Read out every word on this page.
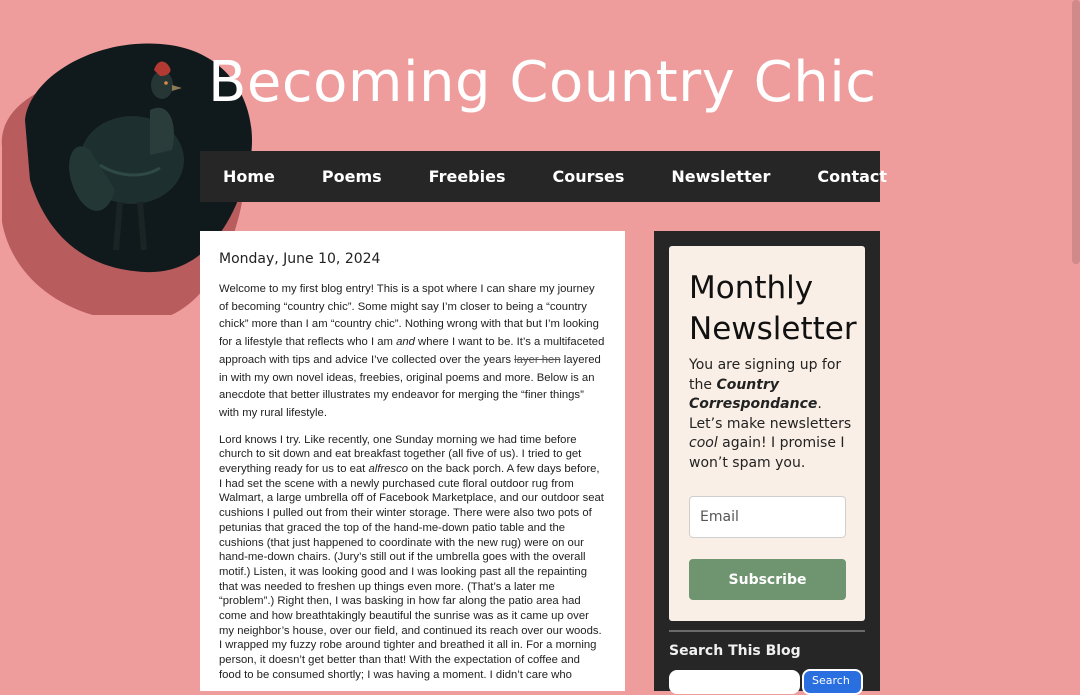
Becoming Country Chic
Home	Poems	Freebies	Courses	Newsletter	Contact
Monday, June 10, 2024

Welcome to my first blog entry! This is a spot where I can share my journey of becoming “country chic”. Some might say I’m closer to being a “country chick” more than I am “country chic”. Nothing wrong with that but I’m looking for a lifestyle that reflects who I am and where I want to be. It’s a multifaceted approach with tips and advice I’ve collected over the years layer hen layered in with my own novel ideas, freebies, original poems and more. Below is an anecdote that better illustrates my endeavor for merging the “finer things” with my rural lifestyle.

Lord knows I try. Like recently, one Sunday morning we had time before church to sit down and eat breakfast together (all five of us). I tried to get everything ready for us to eat alfresco on the back porch. A few days before, I had set the scene with a newly purchased cute floral outdoor rug from Walmart, a large umbrella off of Facebook Marketplace, and our outdoor seat cushions I pulled out from their winter storage. There were also two pots of petunias that graced the top of the hand-me-down patio table and the cushions (that just happened to coordinate with the new rug) were on our hand-me-down chairs. (Jury’s still out if the umbrella goes with the overall motif.) Listen, it was looking good and I was looking past all the repainting that was needed to freshen up things even more. (That’s a later me “problem”.) Right then, I was basking in how far along the patio area had come and how breathtakingly beautiful the sunrise was as it came up over my neighbor’s house, over our field, and continued its reach over our woods. I wrapped my fuzzy robe around tighter and breathed it all in. For a morning person, it doesn’t get better than that! With the expectation of coffee and food to be consumed shortly; I was having a moment. I didn’t care who

Monthly Newsletter

You are signing up for the Country Correspondance. Let’s make newsletters cool again! I promise I won’t spam you.

Email
Subscribe
Search This Blog
Search
